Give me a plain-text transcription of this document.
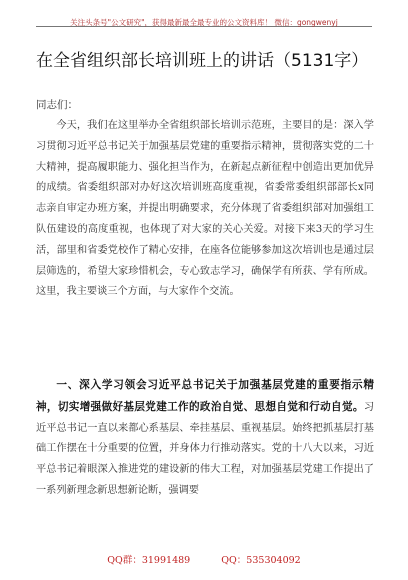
关注头条号"公文研究"，获得最新最全最专业的公文资料库！ 微信：gongwenyj
在全省组织部长培训班上的讲话（5131字）
同志们：

今天，我们在这里举办全省组织部长培训示范班，主要目的是：深入学习贯彻习近平总书记关于加强基层党建的重要指示精神，贯彻落实党的二十大精神，提高履职能力、强化担当作为，在新起点新征程中创造出更加优异的成绩。省委组织部对办好这次培训班高度重视，省委常委组织部部长x同志亲自审定办班方案，并提出明确要求，充分体现了省委组织部对加强组工队伍建设的高度重视，也体现了对大家的关心关爱。对接下来3天的学习生活，部里和省委党校作了精心安排，在座各位能够参加这次培训也是通过层层筛选的，希望大家珍惜机会，专心致志学习，确保学有所获、学有所成。这里，我主要谈三个方面，与大家作个交流。

一、深入学习领会习近平总书记关于加强基层党建的重要指示精神，切实增强做好基层党建工作的政治自觉、思想自觉和行动自觉。习近平总书记一直以来都心系基层、牵挂基层、重视基层。始终把抓基层打基础工作摆在十分重要的位置，并身体力行推动落实。党的十八大以来，习近平总书记着眼深入推进党的建设新的伟大工程，对加强基层党建工作提出了一系列新理念新思想新论断，强调要

QQ群：31991489	QQ：535304092
